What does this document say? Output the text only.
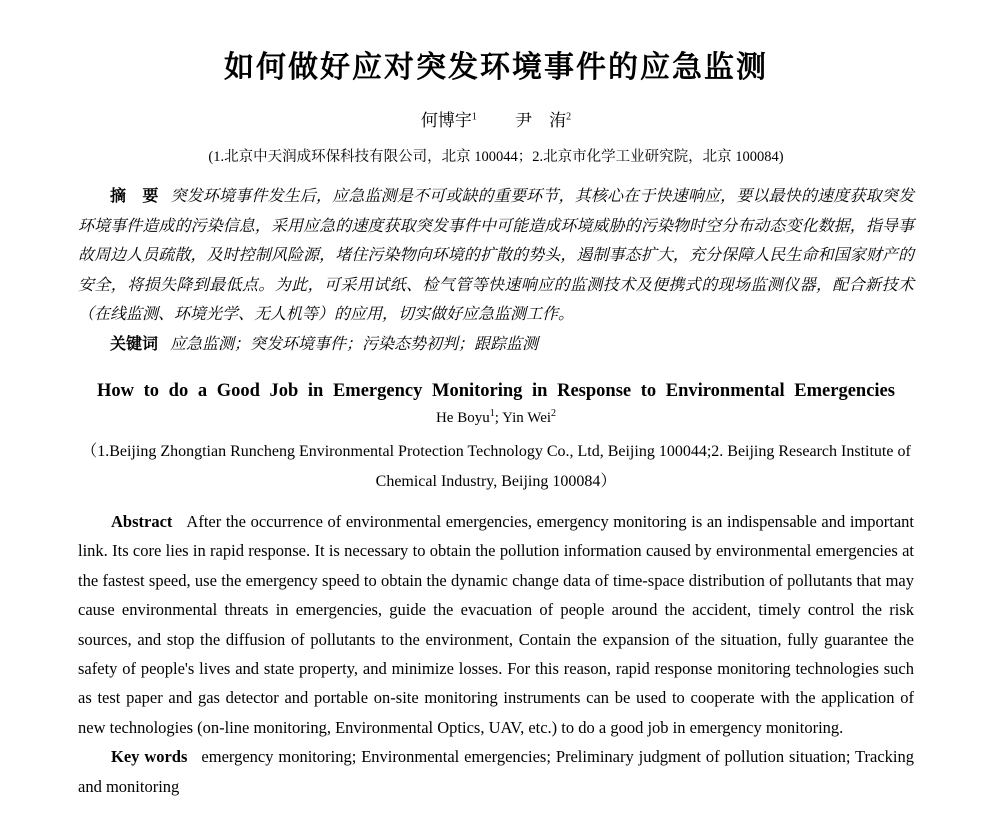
如何做好应对突发环境事件的应急监测

何博宇$^1$ 尹　洧$^2$

(1.北京中天润成环保科技有限公司，北京 100044；2.北京市化学工业研究院，北京 100084)

摘　要 突发环境事件发生后，应急监测是不可或缺的重要环节，其核心在于快速响应，要以最快的速度获取突发环境事件造成的污染信息，采用应急的速度获取突发事件中可能造成环境威胁的污染物时空分布动态变化数据，指导事故周边人员疏散，及时控制风险源，堵住污染物向环境的扩散的势头，遏制事态扩大，充分保障人民生命和国家财产的安全，将损失降到最低点。为此，可采用试纸、检气管等快速响应的监测技术及便携式的现场监测仪器，配合新技术（在线监测、环境光学、无人机等）的应用，切实做好应急监测工作。

关键词 应急监测；突发环境事件；污染态势初判；跟踪监测

How to do a Good Job in Emergency Monitoring in Response to Environmental Emergencies

He Boyu$^1$; Yin Wei$^2$

（1.Beijing Zhongtian Runcheng Environmental Protection Technology Co., Ltd, Beijing 100044;2. Beijing Research Institute of
Chemical Industry, Beijing 100084）

Abstract After the occurrence of environmental emergencies, emergency monitoring is an indispensable and important link. Its core lies in rapid response. It is necessary to obtain the pollution information caused by environmental emergencies at the fastest speed, use the emergency speed to obtain the dynamic change data of time-space distribution of pollutants that may cause environmental threats in emergencies, guide the evacuation of people around the accident, timely control the risk sources, and stop the diffusion of pollutants to the environment, Contain the expansion of the situation, fully guarantee the safety of people's lives and state property, and minimize losses. For this reason, rapid response monitoring technologies such as test paper and gas detector and portable on-site monitoring instruments can be used to cooperate with the application of new technologies (on-line monitoring, Environmental Optics, UAV, etc.) to do a good job in emergency monitoring.

Key words emergency monitoring; Environmental emergencies; Preliminary judgment of pollution situation; Tracking and monitoring
